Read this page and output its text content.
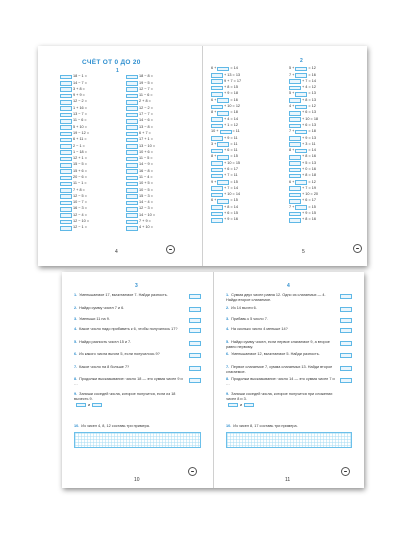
СЧЁТ ОТ 0 ДО 20
1
18 − 1 =
14 − 7 =
3 + 8 =
9 + 9 =
12 − 2 =
1 + 16 =
13 − 7 =
11 − 6 =
5 + 10 =
19 − 12 =
6 + 11 =
2 − 1 =
1 − 18 =
12 + 1 =
15 − 5 =
15 + 6 =
20 − 6 =
11 − 1 =
7 + 8 =
12 − 5 =
10 − 7 =
16 − 3 =
12 − 4 =
12 − 10 =
12 − 1 =
18 − 8 =
19 − 5 =
12 − 7 =
11 − 6 =
2 + 8 =
12 − 2 =
17 − 7 =
14 − 6 =
13 − 8 =
6 + 7 =
17 + 1 =
13 − 10 =
10 + 6 =
11 − 5 =
14 − 9 =
16 − 8 =
11 − 4 =
10 + 5 =
10 − 5 =
15 − 3 =
14 − 4 =
12 − 3 =
14 − 10 =
7 + 9 =
4 + 10 =
4
2
6 +	= 14
+ 13 = 13
9 + 7 = 17
+ 8 = 15
+ 9 = 18
6 +	= 16
+ 10 = 12
8 +	= 18
+ 4 = 14
+ 1 = 12
10 +	= 11
+ 9 = 11
3 +	= 11
+ 6 = 11
8 +	= 15
+ 10 = 15
+ 6 = 17
+ 7 = 11
9 +	= 15
+ 7 = 14
+ 10 = 14
6 +	= 15
+ 8 = 14
+ 6 = 15
+ 9 = 16
5 +	= 12
7 +	= 16
+ 7 = 14
+ 4 = 12
5 +	= 13
+ 8 = 13
4 +	= 12
+ 6 = 13
+ 10 = 18
+ 6 = 13
7 +	= 18
+ 9 = 13
+ 3 = 11
8 +	= 14
+ 8 = 16
+ 5 = 13
+ 0 = 16
+ 8 = 18
6 +	= 12
+ 7 = 19
+ 10 = 20
+ 6 = 17
7 +	= 15
+ 9 = 15
+ 8 = 16
5
3
1. Уменьшаемое 17, вычитаемое 7. Найди разность.
2. Найди сумму чисел 7 и 6.
3. Уменьши 11 на 9.
4. Какое число надо прибавить к 6, чтобы получилось 17?
5. Найди разность чисел 15 и 7.
6. Из какого числа вычли 5, если получилось 9?
7. Какое число на 8 больше 7?
8. Продолжи высказывание: число 18 — это сумма чисел 9 и …
9. Запиши соседей числа, которое получится, если из 18 вычесть 9.
и
10. Из чисел 4, 8, 12 составь три примера.
10
4
1. Сумма двух чисел равна 12. Одно из слагаемых — 4. Найди второе слагаемое.
2. Из 14 вычти 6.
3. Прибавь к 5 число 7.
4. На сколько число 4 меньше 14?
5. Найди сумму чисел, если первое слагаемое 9, а второе равно первому.
6. Уменьшаемое 12, вычитаемое 5. Найди разность.
7. Первое слагаемое 7, сумма слагаемых 13. Найди второе слагаемое.
8. Продолжи высказывание: число 14 — это сумма чисел 7 и …
9. Запиши соседей числа, которое получится при сложении чисел 8 и 3.
и
10. Из чисел 8, 17 составь три примера.
11
